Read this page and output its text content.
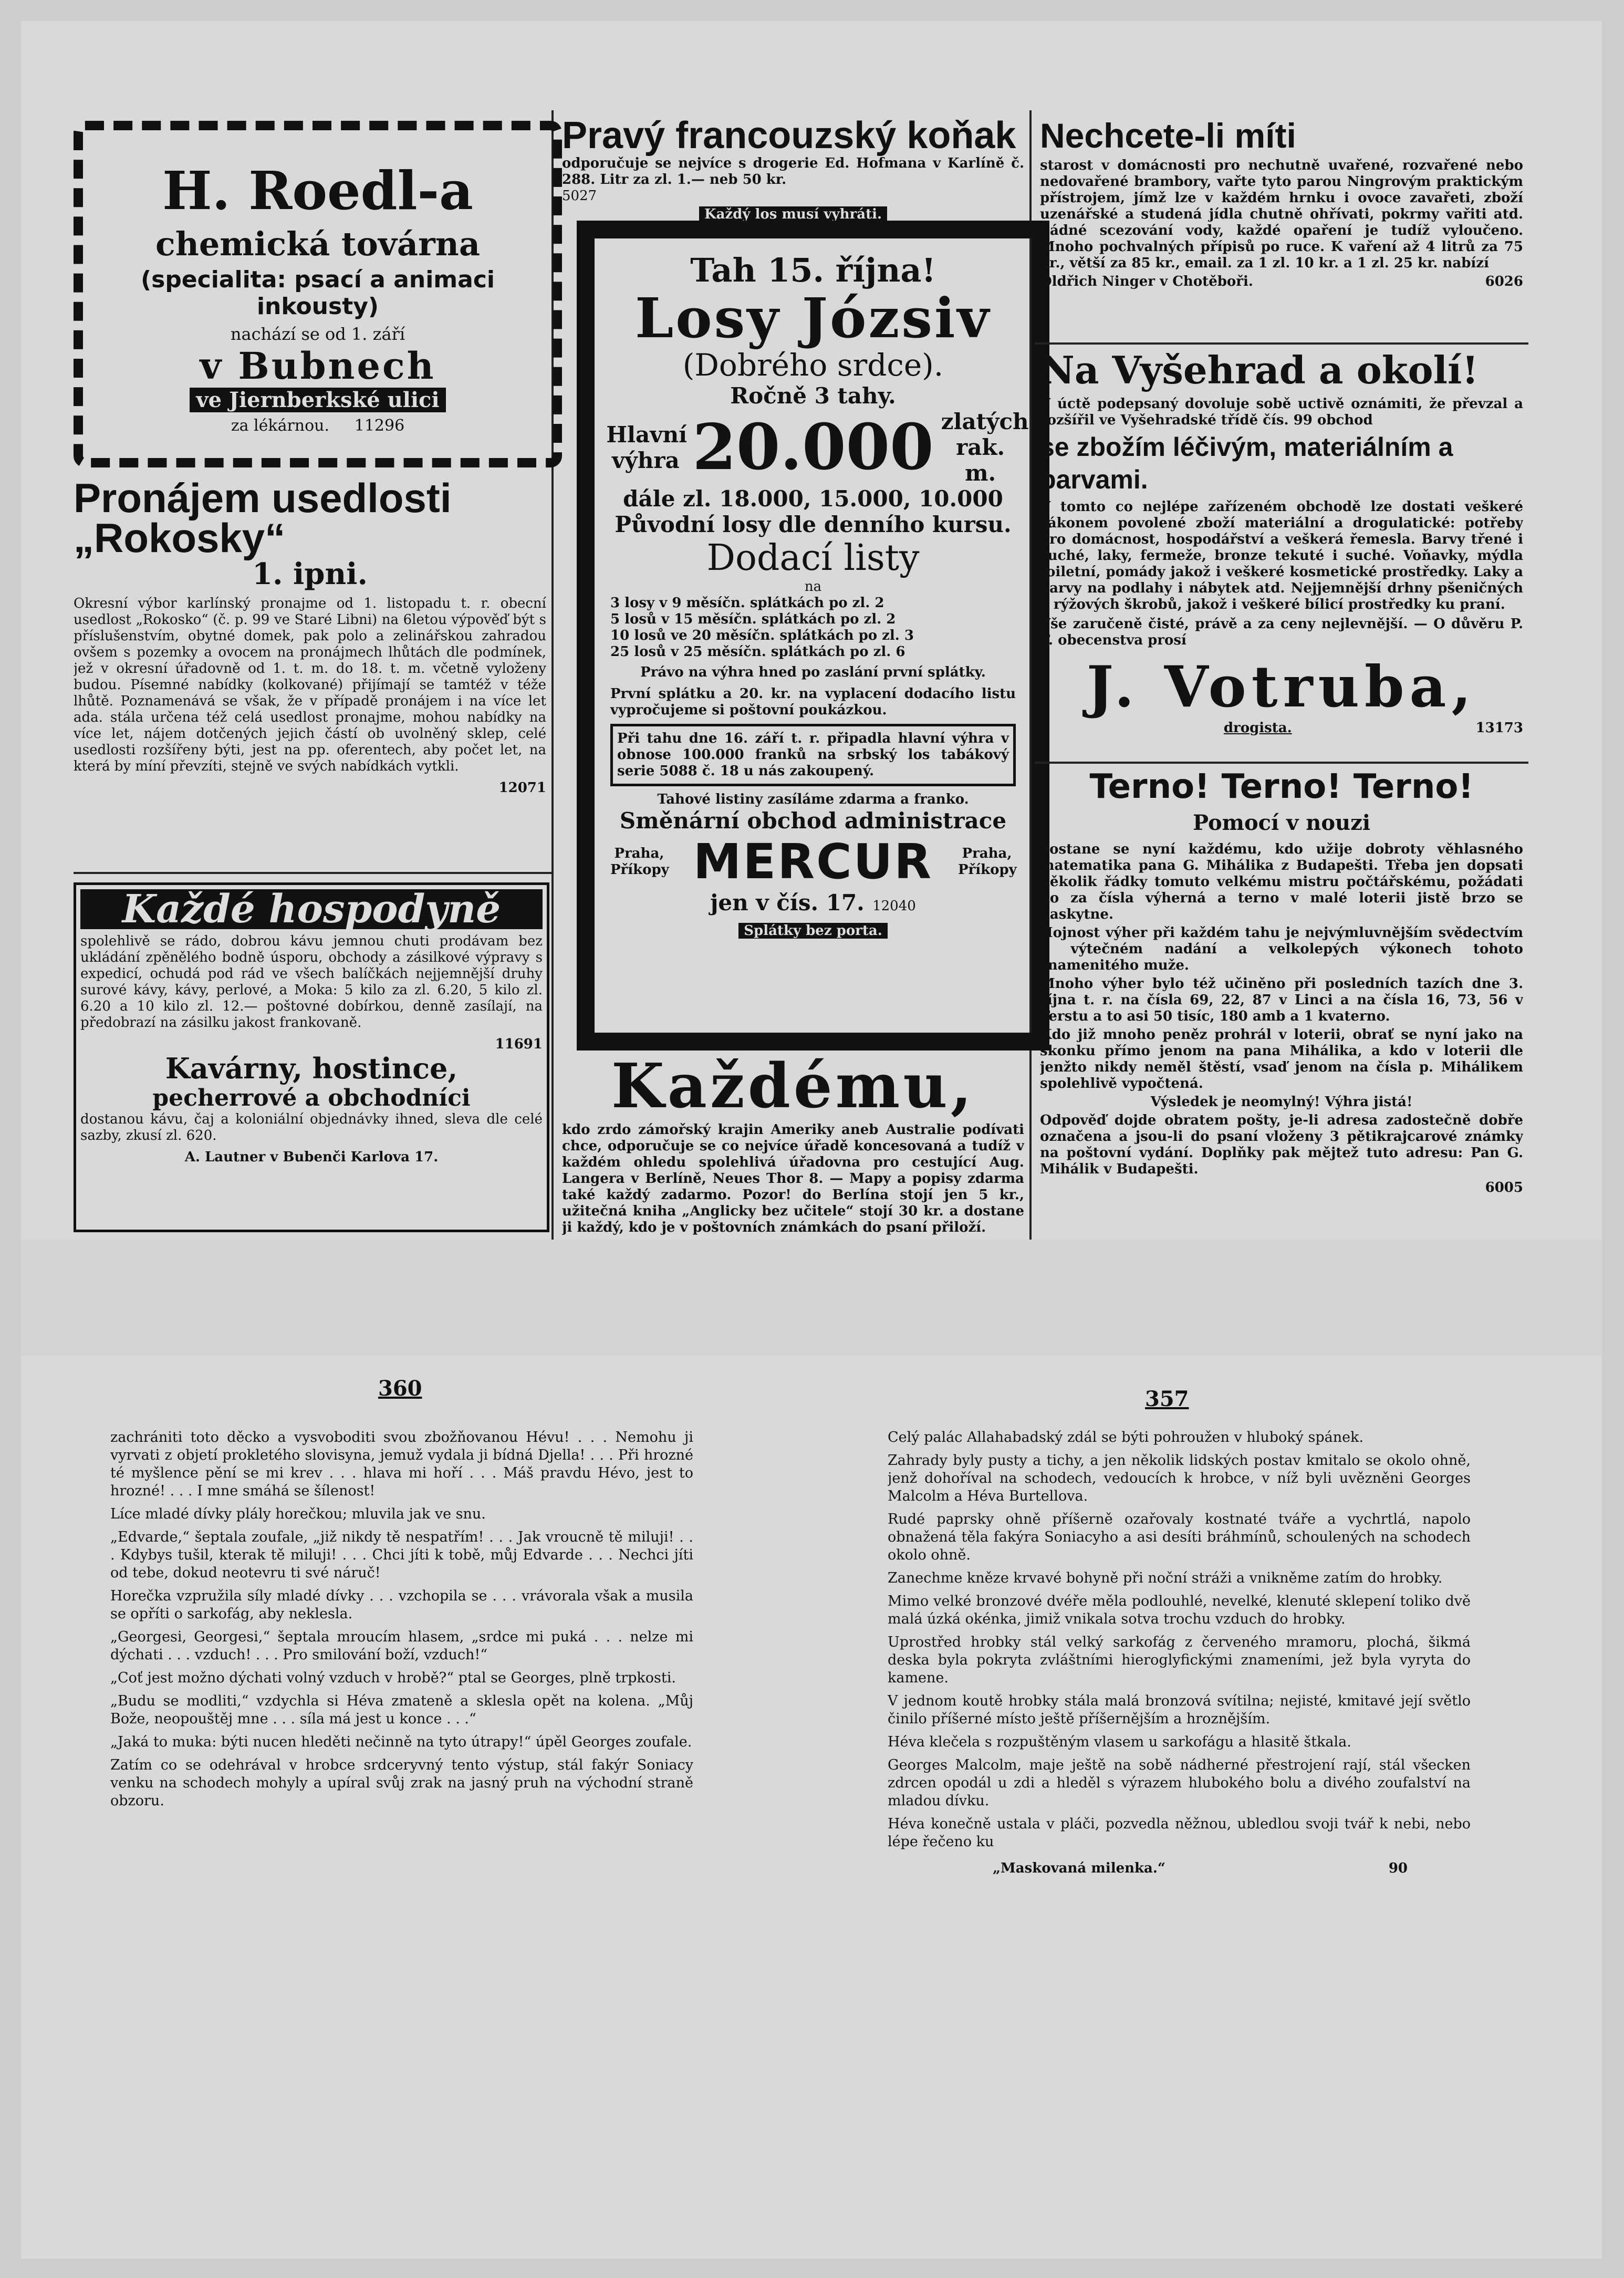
H. Roedl-a
chemická továrna
(specialita: psací a animaci inkousty)
nachází se od 1. září
v Bubnech
ve Jiernberkské ulici
za lékárnou. 11296
Pronájem usedlosti „Rokosky“
1. ipni.

Okresní výbor karlínský pronajme od 1. listopadu t. r. obecní usedlost „Rokosko“ (č. p. 99 ve Staré Libni) na 6letou výpověď být s příslušenstvím, obytné domek, pak polo a zelinářskou zahradou ovšem s pozemky a ovocem na pronájmech lhůtách dle podmínek, jež v okresní úřadovně od 1. t. m. do 18. t. m. včetně vyloženy budou. Písemné nabídky (kolkované) přijímají se tamtéž v téže lhůtě. Poznamenává se však, že v případě pronájem i na více let ada. stála určena též celá usedlost pronajme, mohou nabídky na více let, nájem dotčených jejich částí ob uvolněný sklep, celé usedlosti rozšířeny býti, jest na pp. oferentech, aby počet let, na která by míní převzíti, stejně ve svých nabídkách vytkli.

12071
Každé hospodyně

spolehlivě se rádo, dobrou kávu jemnou chuti prodávam bez ukládání zpěnělého bodně úsporu, obchody a zásilkové výpravy s expedicí, ochudá pod rád ve všech balíčkách nejjemnější druhy surové kávy, kávy, perlové, a Moka: 5 kilo za zl. 6.20, 5 kilo zl. 6.20 a 10 kilo zl. 12.— poštovné dobírkou, denně zasílají, na předobrazí na zásilku jakost frankovaně.

11691
Kavárny, hostince,
pecherrové a obchodníci

dostanou kávu, čaj a koloniální objednávky ihned, sleva dle celé sazby, zkusí zl. 620.

A. Lautner v Bubenči Karlova 17.
Pravý francouzský koňak

odporučuje se nejvíce s drogerie Ed. Hofmana v Karlíně č. 288. Litr za zl. 1.— neb 50 kr.

5027
Každý los musí vyhráti.
Tah 15. října!
Losy Józsiv
(Dobrého srdce).
Ročně 3 tahy.
Hlavní výhra 20.000 zlatých rak. m.
dále zl. 18.000, 15.000, 10.000
Původní losy dle denního kursu.
Dodací listy
na
3 losy v 9 měsíčn. splátkách po zl. 2
5 losů v 15 měsíčn. splátkách po zl. 2
10 losů ve 20 měsíčn. splátkách po zl. 3
25 losů v 25 měsíčn. splátkách po zl. 6

Právo na výhra hned po zaslání první splátky.

První splátku a 20. kr. na vyplacení dodacího listu vypročujeme si poštovní poukázkou.

Při tahu dne 16. září t. r. připadla hlavní výhra v obnose 100.000 franků na srbský los tabákový serie 5088 č. 18 u nás zakoupený.

Tahové listiny zasíláme zdarma a franko.
Směnární obchod administrace
Praha, Příkopy MERCUR Praha, Příkopy
jen v čís. 17. 12040
Splátky bez porta.
Každému,

kdo zrdo zámořský krajin Ameriky aneb Australie podívati chce, odporučuje se co nejvíce úřadě koncesovaná a tudíž v každém ohledu spolehlivá úřadovna pro cestující Aug. Langera v Berlíně, Neues Thor 8. — Mapy a popisy zdarma také každý zadarmo. Pozor! do Berlína stojí jen 5 kr., užitečná kniha „Anglicky bez učitele“ stojí 30 kr. a dostane ji každý, kdo je v poštovních známkách do psaní přiloží.

Nechcete-li míti

starost v domácnosti pro nechutně uvařené, rozvařené nebo nedovařené brambory, vařte tyto parou Ningrovým praktickým přístrojem, jímž lze v každém hrnku i ovoce zavařeti, zboží uzenářské a studená jídla chutně ohřívati, pokrmy vařiti atd. Žádné scezování vody, každé opaření je tudíž vyloučeno. Mnoho pochvalných přípisů po ruce. K vaření až 4 litrů za 75 kr., větší za 85 kr., email. za 1 zl. 10 kr. a 1 zl. 25 kr. nabízí

Oldřich Ninger v Chotěboři.	6026
Na Vyšehrad a okolí!

V úctě podepsaný dovoluje sobě uctivě oznámiti, že převzal a rozšířil ve Vyšehradské třídě čís. 99 obchod

se zbožím léčivým, materiálním a barvami.

V tomto co nejlépe zařízeném obchodě lze dostati veškeré zákonem povolené zboží materiální a drogulatické: potřeby pro domácnost, hospodářství a veškerá řemesla. Barvy třené i suché, laky, fermeže, bronze tekuté i suché. Voňavky, mýdla toiletní, pomády jakož i veškeré kosmetické prostředky. Laky a barvy na podlahy i nábytek atd. Nejjemnější drhny pšeničných a rýžových škrobů, jakož i veškeré bílicí prostředky ku praní.

Vše zaručeně čisté, právě a za ceny nejlevnější. — O důvěru P. T. obecenstva prosí

J. Votruba,
drogista.	13173
Terno! Terno! Terno!
Pomocí v nouzi

dostane se nyní každému, kdo užije dobroty věhlasného matematika pana G. Mihálika z Budapešti. Třeba jen dopsati několik řádky tomuto velkému mistru počtářskému, požádati ho za čísla výherná a terno v malé loterii jistě brzo se naskytne.

Hojnost výher při každém tahu je nejvýmluvnějším svědectvím o výtečném nadání a velkolepých výkonech tohoto znamenitého muže.

Mnoho výher bylo též učiněno při posledních tazích dne 3. října t. r. na čísla 69, 22, 87 v Linci a na čísla 16, 73, 56 v Terstu a to asi 50 tisíc, 180 amb a 1 kvaterno.

Kdo již mnoho peněz prohrál v loterii, obrať se nyní jako na skonku přímo jenom na pana Mihálika, a kdo v loterii dle jenžto nikdy neměl štěstí, vsaď jenom na čísla p. Mihálikem spolehlivě vypočtená.

Výsledek je neomylný! Výhra jistá!

Odpověď dojde obratem pošty, je-li adresa zadostečně dobře označena a jsou-li do psaní vloženy 3 pětikrajcarové známky na poštovní vydání. Doplňky pak mějtež tuto adresu: Pan G. Mihálik v Budapešti.

6005
360	357

zachrániti toto děcko a vysvoboditi svou zbožňovanou Hévu! . . . Nemohu ji vyrvati z objetí prokletého slovisyna, jemuž vydala ji bídná Djella! . . . Při hrozné té myšlence pění se mi krev . . . hlava mi hoří . . . Máš pravdu Hévo, jest to hrozné! . . . I mne smáhá se šílenost!

Líce mladé dívky plály horečkou; mluvila jak ve snu.

„Edvarde,“ šeptala zoufale, „již nikdy tě nespatřím! . . . Jak vroucně tě miluji! . . . Kdybys tušil, kterak tě miluji! . . . Chci jíti k tobě, můj Edvarde . . . Nechci jíti od tebe, dokud neotevru ti své náruč!

Horečka vzpružila síly mladé dívky . . . vzchopila se . . . vrávorala však a musila se opříti o sarkofág, aby neklesla.

„Georgesi, Georgesi,“ šeptala mroucím hlasem, „srdce mi puká . . . nelze mi dýchati . . . vzduch! . . . Pro smilování boží, vzduch!“

„Coť jest možno dýchati volný vzduch v hrobě?“ ptal se Georges, plně trpkosti.

„Budu se modliti,“ vzdychla si Héva zmateně a sklesla opět na kolena. „Můj Bože, neopouštěj mne . . . síla má jest u konce . . .“

„Jaká to muka: býti nucen hleděti nečinně na tyto útrapy!“ úpěl Georges zoufale.

Zatím co se odehrával v hrobce srdceryvný tento výstup, stál fakýr Soniacy venku na schodech mohyly a upíral svůj zrak na jasný pruh na východní straně obzoru.

Celý palác Allahabadský zdál se býti pohroužen v hluboký spánek.

Zahrady byly pusty a tichy, a jen několik lidských postav kmitalo se okolo ohně, jenž dohoříval na schodech, vedoucích k hrobce, v níž byli uvězněni Georges Malcolm a Héva Burtellova.

Rudé paprsky ohně příšerně ozařovaly kostnaté tváře a vychrtlá, napolo obnažená těla fakýra Soniacyho a asi desíti bráhmínů, schoulených na schodech okolo ohně.

Zanechme kněze krvavé bohyně při noční stráži a vnikněme zatím do hrobky.

Mimo velké bronzové dvéře měla podlouhlé, nevelké, klenuté sklepení toliko dvě malá úzká okénka, jimiž vnikala sotva trochu vzduch do hrobky.

Uprostřed hrobky stál velký sarkofág z červeného mramoru, plochá, šikmá deska byla pokryta zvláštními hieroglyfickými znameními, jež byla vyryta do kamene.

V jednom koutě hrobky stála malá bronzová svítilna; nejisté, kmitavé její světlo činilo příšerné místo ještě příšernějším a hroznějším.

Héva klečela s rozpuštěným vlasem u sarkofágu a hlasitě štkala.

Georges Malcolm, maje ještě na sobě nádherné přestrojení rají, stál všecken zdrcen opodál u zdi a hleděl s výrazem hlubokého bolu a divého zoufalství na mladou dívku.

Héva konečně ustala v pláči, pozvedla něžnou, ubledlou svoji tvář k nebi, nebo lépe řečeno ku

„Maskovaná milenka.“	90
